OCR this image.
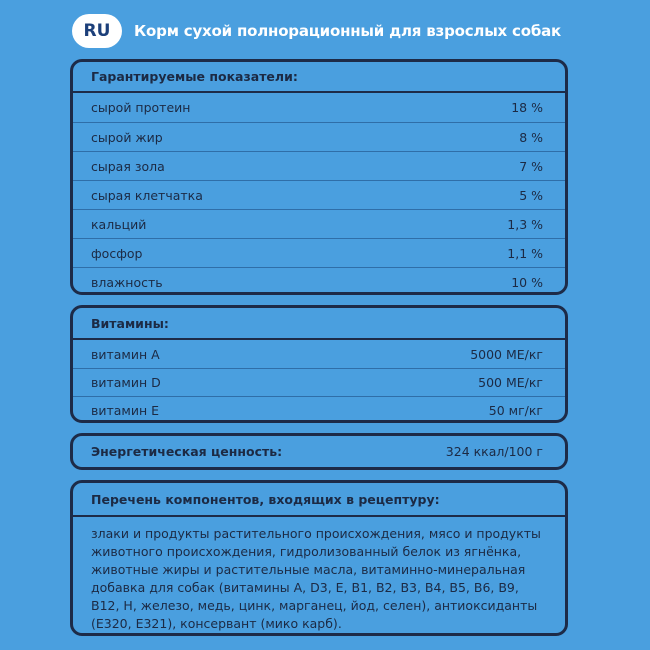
RU	Корм сухой полнорационный для взрослых собак
Гарантируемые показатели:
сырой протеин	18 %
сырой жир	8 %
сырая зола	7 %
сырая клетчатка	5 %
кальций	1,3 %
фосфор	1,1 %
влажность	10 %
Витамины:
витамин A	5000 МЕ/кг
витамин D	500 МЕ/кг
витамин E	50 мг/кг
Энергетическая ценность:	324 ккал/100 г
Перечень компонентов, входящих в рецептуру:
злаки и продукты растительного происхождения, мясо и продукты животного происхождения, гидролизованный белок из ягнёнка, животные жиры и растительные масла, витаминно-минеральная добавка для собак (витамины A, D3, E, B1, B2, B3, B4, B5, B6, B9, B12, H, железо, медь, цинк, марганец, йод, селен), антиоксиданты (E320, E321), консервант (мико карб).
